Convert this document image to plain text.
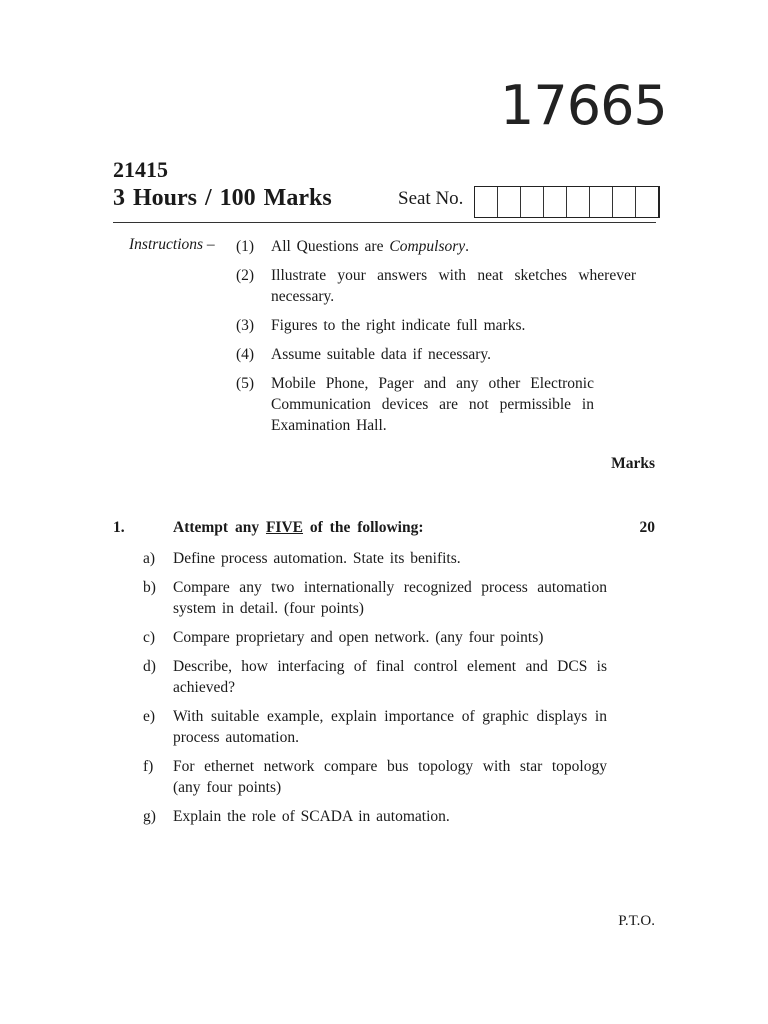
17665
21415
3 Hours / 100 Marks	Seat No.
Instructions – (1)	All Questions are Compulsory.
(2)	Illustrate your answers with neat sketches wherever necessary.
(3)	Figures to the right indicate full marks.
(4)	Assume suitable data if necessary.
(5)	Mobile Phone, Pager and any other Electronic Communication devices are not permissible in Examination Hall.
Marks
1.	Attempt any FIVE of the following:	20
a)	Define process automation. State its benifits.
b)	Compare any two internationally recognized process automation system in detail. (four points)
c)	Compare proprietary and open network. (any four points)
d)	Describe, how interfacing of final control element and DCS is achieved?
e)	With suitable example, explain importance of graphic displays in process automation.
f)	For ethernet network compare bus topology with star topology (any four points)
g)	Explain the role of SCADA in automation.
P.T.O.
